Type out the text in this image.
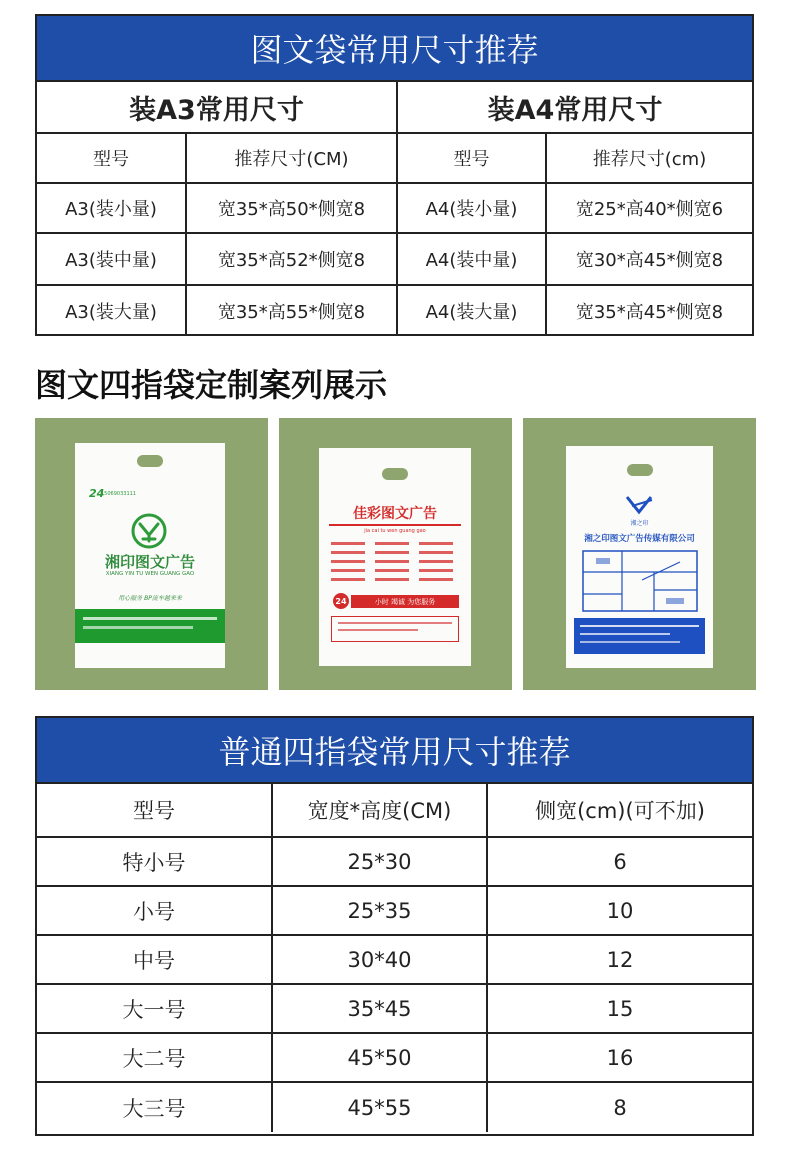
图文袋常用尺寸推荐
装A3常用尺寸	装A4常用尺寸
型号	推荐尺寸(CM)	型号	推荐尺寸(cm)
A3(装小量)	宽35*高50*侧宽8	A4(装小量)	宽25*高40*侧宽6
A3(装中量)	宽35*高52*侧宽8	A4(装中量)	宽30*高45*侧宽8
A3(装大量)	宽35*高55*侧宽8	A4(装大量)	宽35*高45*侧宽8
图文四指袋定制案列展示
24
15069033111
湘印图文广告
XIANG YIN TU WEN GUANG GAO
用心服务 BP流车越来来
佳彩图文广告
jia cai tu wen guang gao
24	小时 竭诚 为您服务
湘之印
湘之印图文广告传媒有限公司
普通四指袋常用尺寸推荐
型号	宽度*高度(CM)	侧宽(cm)(可不加)
特小号	25*30	6
小号	25*35	10
中号	30*40	12
大一号	35*45	15
大二号	45*50	16
大三号	45*55	8
